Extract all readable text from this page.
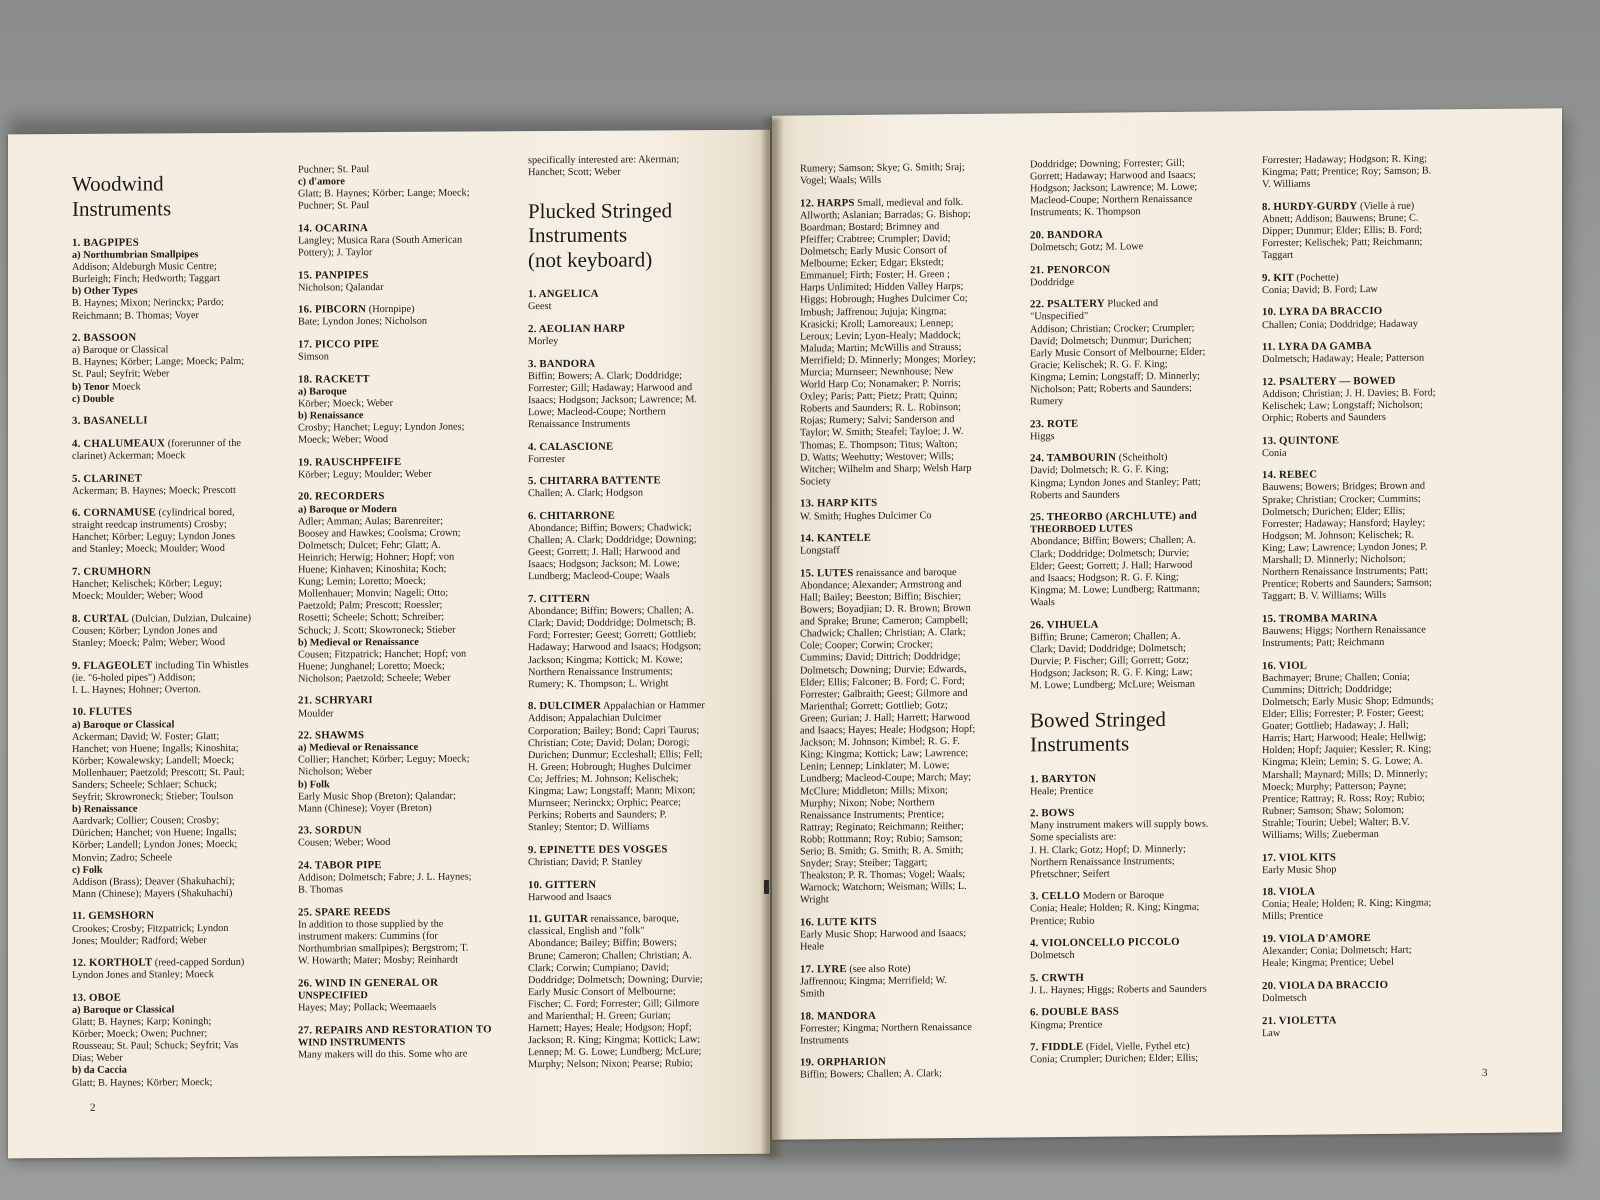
Woodwind
Instruments
1. BAGPIPES
a) Northumbrian Smallpipes
Addison; Aldeburgh Music Centre;
Burleigh; Finch; Hedworth; Taggart
b) Other Types
B. Haynes; Mixon; Nerinckx; Pardo;
Reichmann; B. Thomas; Voyer
2. BASSOON
a) Baroque or Classical
B. Haynes; Körber; Lange; Moeck; Palm;
St. Paul; Seyfrit; Weber
b) Tenor Moeck
c) Double
3. BASANELLI
4. CHALUMEAUX (forerunner of the
clarinet) Ackerman; Moeck
5. CLARINET
Ackerman; B. Haynes; Moeck; Prescott
6. CORNAMUSE (cylindrical bored,
straight reedcap instruments) Crosby;
Hanchet; Körber; Leguy; Lyndon Jones
and Stanley; Moeck; Moulder; Wood
7. CRUMHORN
Hanchet; Kelischek; Körber; Leguy;
Moeck; Moulder; Weber; Wood
8. CURTAL (Dulcian, Dulzian, Dulcaine)
Cousen; Körber; Lyndon Jones and
Stanley; Moeck; Palm; Weber; Wood
9. FLAGEOLET including Tin Whistles
(ie. "6-holed pipes") Addison;
I. L. Haynes; Hohner; Overton.
10. FLUTES
a) Baroque or Classical
Ackerman; David; W. Foster; Glatt;
Hanchet; von Huene; Ingalls; Kinoshita;
Körber; Kowalewsky; Landell; Moeck;
Mollenhauer; Paetzold; Prescott; St. Paul;
Sanders; Scheele; Schlaer; Schuck;
Seyfrit; Skrowroneck; Stieber; Toulson
b) Renaissance
Aardvark; Collier; Cousen; Crosby;
Dürichen; Hanchet; von Huene; Ingalls;
Körber; Landell; Lyndon Jones; Moeck;
Monvin; Zadro; Scheele
c) Folk
Addison (Brass); Deaver (Shakuhachi);
Mann (Chinese); Mayers (Shakuhachi)
11. GEMSHORN
Crookes; Crosby; Fitzpatrick; Lyndon
Jones; Moulder; Radford; Weber
12. KORTHOLT (reed-capped Sordun)
Lyndon Jones and Stanley; Moeck
13. OBOE
a) Baroque or Classical
Glatt; B. Haynes; Karp; Koningh;
Körber; Moeck; Owen; Puchner;
Rousseau; St. Paul; Schuck; Seyfrit; Vas
Dias; Weber
b) da Caccia
Glatt; B. Haynes; Körber; Moeck;
Puchner; St. Paul
c) d'amore
Glatt; B. Haynes; Körber; Lange; Moeck;
Puchner; St. Paul
14. OCARINA
Langley; Musica Rara (South American
Pottery); J. Taylor
15. PANPIPES
Nicholson; Qalandar
16. PIBCORN (Hornpipe)
Bate; Lyndon Jones; Nicholson
17. PICCO PIPE
Simson
18. RACKETT
a) Baroque
Körber; Moeck; Weber
b) Renaissance
Crosby; Hanchet; Leguy; Lyndon Jones;
Moeck; Weber; Wood
19. RAUSCHPFEIFE
Körber; Leguy; Moulder; Weber
20. RECORDERS
a) Baroque or Modern
Adler; Amman; Aulas; Barenreiter;
Boosey and Hawkes; Coolsma; Crown;
Dolmetsch; Dulcet; Fehr; Glatt; A.
Heinrich; Herwig; Hohner; Hopf; von
Huene; Kinhaven; Kinoshita; Koch;
Kung; Lemin; Loretto; Moeck;
Mollenhauer; Monvin; Nageli; Otto;
Paetzold; Palm; Prescott; Roessler;
Rosetti; Scheele; Schott; Schreiber;
Schuck; J. Scott; Skowroneck; Stieber
b) Medieval or Renaissance
Cousen; Fitzpatrick; Hanchet; Hopf; von
Huene; Junghanel; Loretto; Moeck;
Nicholson; Paetzold; Scheele; Weber
21. SCHRYARI
Moulder
22. SHAWMS
a) Medieval or Renaissance
Collier; Hanchet; Körber; Leguy; Moeck;
Nicholson; Weber
b) Folk
Early Music Shop (Breton); Qalandar;
Mann (Chinese); Voyer (Breton)
23. SORDUN
Cousen; Weber; Wood
24. TABOR PIPE
Addison; Dolmetsch; Fabre; J. L. Haynes;
B. Thomas
25. SPARE REEDS
In addition to those supplied by the
instrument makers: Cummins (for
Northumbrian smallpipes); Bergstrom; T.
W. Howarth; Mater; Mosby; Reinhardt
26. WIND IN GENERAL OR
UNSPECIFIED
Hayes; May; Pollack; Weemaaels
27. REPAIRS AND RESTORATION TO
WIND INSTRUMENTS
Many makers will do this. Some who are
specifically interested are: Akerman;
Hanchet; Scott; Weber
Plucked Stringed
Instruments
(not keyboard)
1. ANGELICA
Geest
2. AEOLIAN HARP
Morley
3. BANDORA
Biffin; Bowers; A. Clark; Doddridge;
Forrester; Gill; Hadaway; Harwood and
Isaacs; Hodgson; Jackson; Lawrence; M.
Lowe; Macleod-Coupe; Northern
Renaissance Instruments
4. CALASCIONE
Forrester
5. CHITARRA BATTENTE
Challen; A. Clark; Hodgson
6. CHITARRONE
Abondance; Biffin; Bowers; Chadwick;
Challen; A. Clark; Doddridge; Downing;
Geest; Gorrett; J. Hall; Harwood and
Isaacs; Hodgson; Jackson; M. Lowe;
Lundberg; Macleod-Coupe; Waals
7. CITTERN
Abondance; Biffin; Bowers; Challen; A.
Clark; David; Doddridge; Dolmetsch; B.
Ford; Forrester; Geest; Gorrett; Gottlieb;
Hadaway; Harwood and Isaacs; Hodgson;
Jackson; Kingma; Kottick; M. Kowe;
Northern Renaissance Instruments;
Rumery; K. Thompson; L. Wright
8. DULCIMER Appalachian or Hammer
Addison; Appalachian Dulcimer
Corporation; Bailey; Bond; Capri Taurus;
Christian; Cote; David; Dolan; Dorogi;
Durichen; Dunmur; Eccleshall; Ellis; Fell;
H. Green; Hobrough; Hughes Dulcimer
Co; Jeffries; M. Johnson; Kelischek;
Kingma; Law; Longstaff; Mann; Mixon;
Murnseer; Nerinckx; Orphic; Pearce;
Perkins; Roberts and Saunders; P.
Stanley; Stentor; D. Williams
9. EPINETTE DES VOSGES
Christian; David; P. Stanley
10. GITTERN
Harwood and Isaacs
11. GUITAR renaissance, baroque,
classical, English and "folk"
Abondance; Bailey; Biffin; Bowers;
Brune; Cameron; Challen; Christian; A.
Clark; Corwin; Cumpiano; David;
Doddridge; Dolmetsch; Downing; Durvie;
Early Music Consort of Melbourne;
Fischer; C. Ford; Forrester; Gill; Gilmore
and Marienthal; H. Green; Gurian;
Harnett; Hayes; Heale; Hodgson; Hopf;
Jackson; R. King; Kingma; Kottick; Law;
Lennep; M. G. Lowe; Lundberg; McLure;
Murphy; Nelson; Nixon; Pearse; Rubio;
2
Rumery; Samson; Skye; G. Smith; Sraj;
Vogel; Waals; Wills
12. HARPS Small, medieval and folk.
Allworth; Aslanian; Barradas; G. Bishop;
Boardman; Bostard; Brimney and
Pfeiffer; Crabtree; Crumpler; David;
Dolmetsch; Early Music Consort of
Melbourne; Ecker; Edgar; Ekstedt;
Emmanuel; Firth; Foster; H. Green ;
Harps Unlimited; Hidden Valley Harps;
Higgs; Hobrough; Hughes Dulcimer Co;
Imbush; Jaffrenou; Jujuja; Kingma;
Krasicki; Kroll; Lamoreaux; Lennep;
Leroux; Levin; Lyon-Healy; Maddock;
Maluda; Martin; McWillis and Strauss;
Merrifield; D. Minnerly; Monges; Morley;
Murcia; Murnseer; Newnhouse; New
World Harp Co; Nonamaker; P. Norris;
Oxley; Paris; Patt; Pietz; Pratt; Quinn;
Roberts and Saunders; R. L. Robinson;
Rojas; Rumery; Salvi; Sanderson and
Taylor; W. Smith; Steafel; Tayloe; J. W.
Thomas; E. Thompson; Titus; Walton;
D. Watts; Weehutty; Westover; Wills;
Witcher; Wilhelm and Sharp; Welsh Harp
Society
13. HARP KITS
W. Smith; Hughes Dulcimer Co
14. KANTELE
Longstaff
15. LUTES renaissance and baroque
Abondance; Alexander; Armstrong and
Hall; Bailey; Beeston; Biffin; Bischier;
Bowers; Boyadjian; D. R. Brown; Brown
and Sprake; Brune; Cameron; Campbell;
Chadwick; Challen; Christian; A. Clark;
Cole; Cooper; Corwin; Crocker;
Cummins; David; Dittrich; Doddridge;
Dolmetsch; Downing; Durvie; Edwards,
Elder; Ellis; Falconer; B. Ford; C. Ford;
Forrester; Galbraith; Geest; Gilmore and
Marienthal; Gorrett; Gottlieb; Gotz;
Green; Gurian; J. Hall; Harrett; Harwood
and Isaacs; Hayes; Heale; Hodgson; Hopf;
Jackson; M. Johnson; Kimbel; R. G. F.
King; Kingma; Kottick; Law; Lawrence;
Lenin; Lennep; Linklater; M. Lowe;
Lundberg; Macleod-Coupe; March; May;
McClure; Middleton; Mills; Mixon;
Murphy; Nixon; Nobe; Northern
Renaissance Instruments; Prentice;
Rattray; Reginato; Reichmann; Reither;
Robb; Rottmann; Roy; Rubio; Samson;
Serio; B. Smith; G. Smith; R. A. Smith;
Snyder; Sray; Steiber; Taggart;
Theakston; P. R. Thomas; Vogel; Waals;
Warnock; Watchorn; Weisman; Wills; L.
Wright
16. LUTE KITS
Early Music Shop; Harwood and Isaacs;
Heale
17. LYRE (see also Rote)
Jaffrennou; Kingma; Merrifield; W.
Smith
18. MANDORA
Forrester; Kingma; Northern Renaissance
Instruments
19. ORPHARION
Biffin; Bowers; Challen; A. Clark;
Doddridge; Downing; Forrester; Gill;
Gorrett; Hadaway; Harwood and Isaacs;
Hodgson; Jackson; Lawrence; M. Lowe;
Macleod-Coupe; Northern Renaissance
Instruments; K. Thompson
20. BANDORA
Dolmetsch; Gotz; M. Lowe
21. PENORCON
Doddridge
22. PSALTERY Plucked and
"Unspecified"
Addison; Christian; Crocker; Crumpler;
David; Dolmetsch; Dunmur; Durichen;
Early Music Consort of Melbourne; Elder;
Gracie; Kelischek; R. G. F. King;
Kingma; Lemin; Longstaff; D. Minnerly;
Nicholson; Patt; Roberts and Saunders;
Rumery
23. ROTE
Higgs
24. TAMBOURIN (Scheitholt)
David; Dolmetsch; R. G. F. King;
Kingma; Lyndon Jones and Stanley; Patt;
Roberts and Saunders
25. THEORBO (ARCHLUTE) and
THEORBOED LUTES
Abondance; Biffin; Bowers; Challen; A.
Clark; Doddridge; Dolmetsch; Durvie;
Elder; Geest; Gorrett; J. Hall; Harwood
and Isaacs; Hodgson; R. G. F. King;
Kingma; M. Lowe; Lundberg; Rattmann;
Waals
26. VIHUELA
Biffin; Brune; Cameron; Challen; A.
Clark; David; Doddridge; Dolmetsch;
Durvie; P. Fischer; Gill; Gorrett; Gotz;
Hodgson; Jackson; R. G. F. King; Law;
M. Lowe; Lundberg; McLure; Weisman
Bowed Stringed
Instruments
1. BARYTON
Heale; Prentice
2. BOWS
Many instrument makers will supply bows.
Some specialists are:
J. H. Clark; Gotz; Hopf; D. Minnerly;
Northern Renaissance Instruments;
Pfretschner; Seifert
3. CELLO Modern or Baroque
Conia; Heale; Holden; R. King; Kingma;
Prentice; Rubio
4. VIOLONCELLO PICCOLO
Dolmetsch
5. CRWTH
J. L. Haynes; Higgs; Roberts and Saunders
6. DOUBLE BASS
Kingma; Prentice
7. FIDDLE (Fidel, Vielle, Fythel etc)
Conia; Crumpler; Durichen; Elder; Ellis;
Forrester; Hadaway; Hodgson; R. King;
Kingma; Patt; Prentice; Roy; Samson; B.
V. Williams
8. HURDY-GURDY (Vielle à rue)
Abnett; Addison; Bauwens; Brune; C.
Dipper; Dunmur; Elder; Ellis; B. Ford;
Forrester; Kelischek; Patt; Reichmann;
Taggart
9. KIT (Pochette)
Conia; David; B. Ford; Law
10. LYRA DA BRACCIO
Challen; Conia; Doddridge; Hadaway
11. LYRA DA GAMBA
Dolmetsch; Hadaway; Heale; Patterson
12. PSALTERY — BOWED
Addison; Christian; J. H. Davies; B. Ford;
Kelischek; Law; Longstaff; Nicholson;
Orphic; Roberts and Saunders
13. QUINTONE
Conia
14. REBEC
Bauwens; Bowers; Bridges; Brown and
Sprake; Christian; Crocker; Cummins;
Dolmetsch; Durichen; Elder; Ellis;
Forrester; Hadaway; Hansford; Hayley;
Hodgson; M. Johnson; Kelischek; R.
King; Law; Lawrence; Lyndon Jones; P.
Marshall; D. Minnerly; Nicholson;
Northern Renaissance Instruments; Patt;
Prentice; Roberts and Saunders; Samson;
Taggart; B. V. Williams; Wills
15. TROMBA MARINA
Bauwens; Higgs; Northern Renaissance
Instruments; Patt; Reichmann
16. VIOL
Bachmayer; Brune; Challen; Conia;
Cummins; Dittrich; Doddridge;
Dolmetsch; Early Music Shop; Edmunds;
Elder; Ellis; Forrester; P. Foster; Geest;
Goater; Gottlieb; Hadaway; J. Hall;
Harris; Hart; Harwood; Heale; Hellwig;
Holden; Hopf; Jaquier; Kessler; R. King;
Kingma; Klein; Lemin; S. G. Lowe; A.
Marshall; Maynard; Mills; D. Minnerly;
Moeck; Murphy; Patterson; Payne;
Prentice; Rattray; R. Ross; Roy; Rubio;
Rubner; Samson; Shaw; Solomon;
Strahle; Tourin; Uebel; Walter; B.V.
Williams; Wills; Zueberman
17. VIOL KITS
Early Music Shop
18. VIOLA
Conia; Heale; Holden; R. King; Kingma;
Mills; Prentice
19. VIOLA D'AMORE
Alexander; Conia; Dolmetsch; Hart;
Heale; Kingma; Prentice; Uebel
20. VIOLA DA BRACCIO
Dolmetsch
21. VIOLETTA
Law
3
